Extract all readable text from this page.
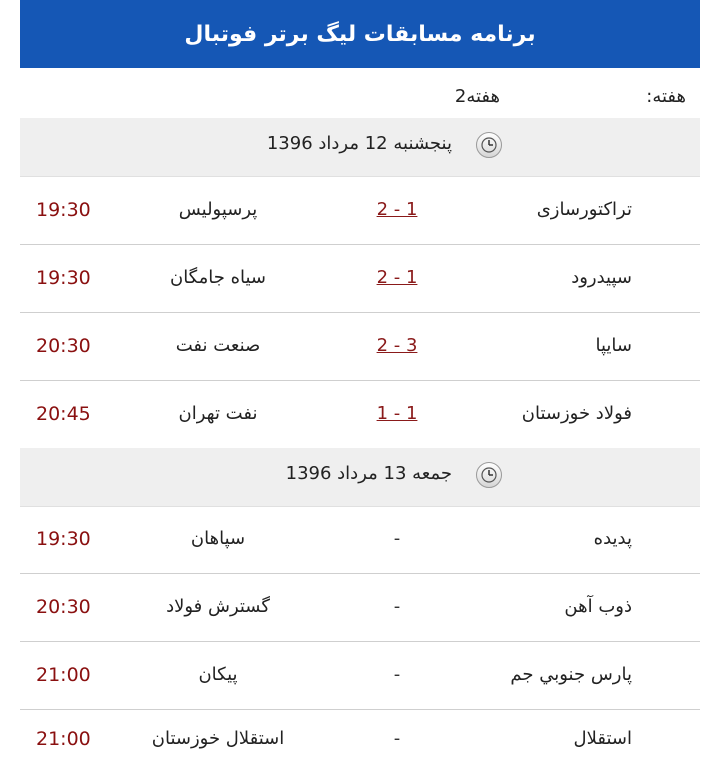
برنامه مسابقات لیگ برتر فوتبال
هفته:
هفته2
پنجشنبه 12 مرداد 1396
تراکتورسازی
2 - 1
پرسپولیس
19:30
سپیدرود
2 - 1
سیاه جامگان
19:30
سایپا
2 - 3
صنعت نفت
20:30
فولاد خوزستان
1 - 1
نفت تهران
20:45
جمعه 13 مرداد 1396
پدیده
-
سپاهان
19:30
ذوب آهن
-
گسترش فولاد
20:30
پارس جنوبي جم
-
پیکان
21:00
استقلال
-
استقلال خوزستان
21:00
